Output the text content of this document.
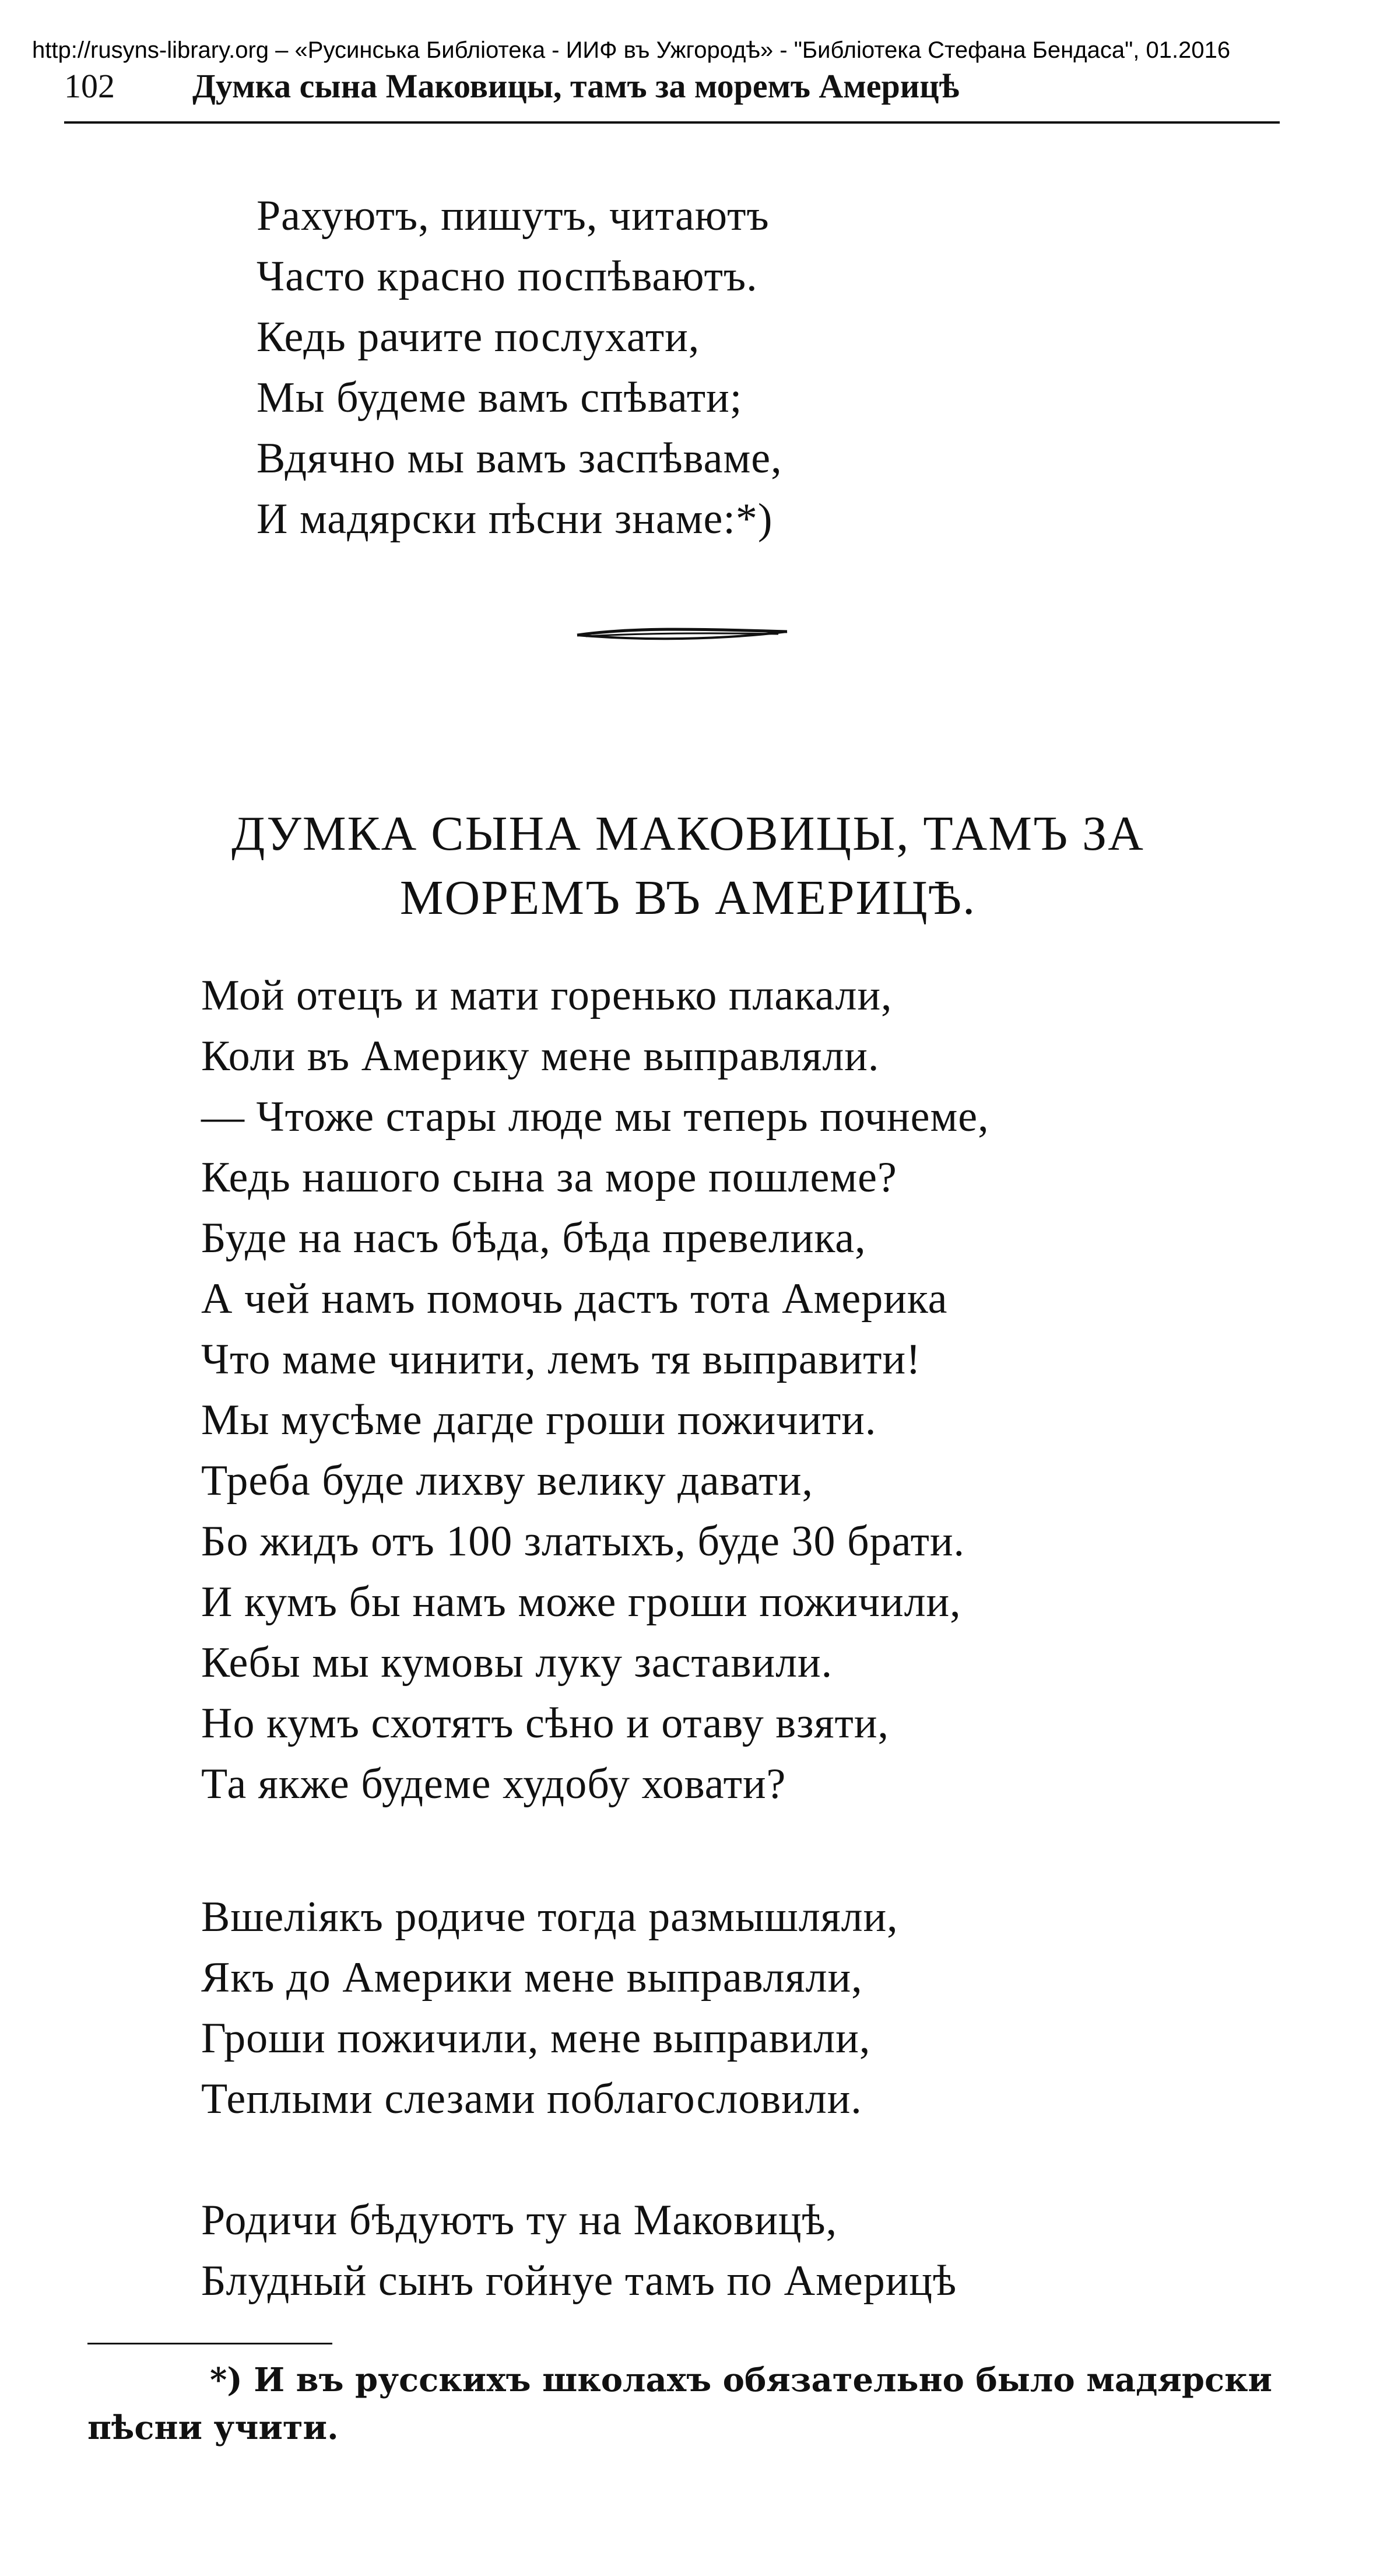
http://rusyns-library.org – «Русинська Библіотека - ИИФ въ Ужгородѣ» - "Библіотека Стефана Бендаса", 01.2016
102 Думка сына Маковицы, тамъ за моремъ Америцѣ
Рахуютъ, пишутъ, читаютъ
Часто красно поспѣваютъ.
Кедь рачите послухати,
Мы будеме вамъ спѣвати;
Вдячно мы вамъ заспѣваме,
И мадярски пѣсни знаме:*)
ДУМКА СЫНА МАКОВИЦЫ, ТАМЪ ЗА
МОРЕМЪ ВЪ АМЕРИЦѢ.
Мой отецъ и мати горенько плакали,
Коли въ Америку мене выправляли.
— Чтоже стары люде мы теперь почнеме,
Кедь нашого сына за море пошлеме?
Буде на насъ бѣда, бѣда превелика,
А чей намъ помочь дастъ тота Америка
Что маме чинити, лемъ тя выправити!
Мы мусѣме дагде гроши пожичити.
Треба буде лихву велику давати,
Бо жидъ отъ 100 златыхъ, буде 30 брати.
И кумъ бы намъ може гроши пожичили,
Кебы мы кумовы луку заставили.
Но кумъ схотятъ сѣно и отаву взяти,
Та якже будеме худобу ховати?
Вшелiякъ родиче тогда размышляли,
Якъ до Америки мене выправляли,
Гроши пожичили, мене выправили,
Теплыми слезами поблагословили.
Родичи бѣдуютъ ту на Маковицѣ,
Блудный сынъ гойнуе тамъ по Америцѣ
*) И въ русскихъ школахъ обязательно было мадярски
пѣсни учити.
